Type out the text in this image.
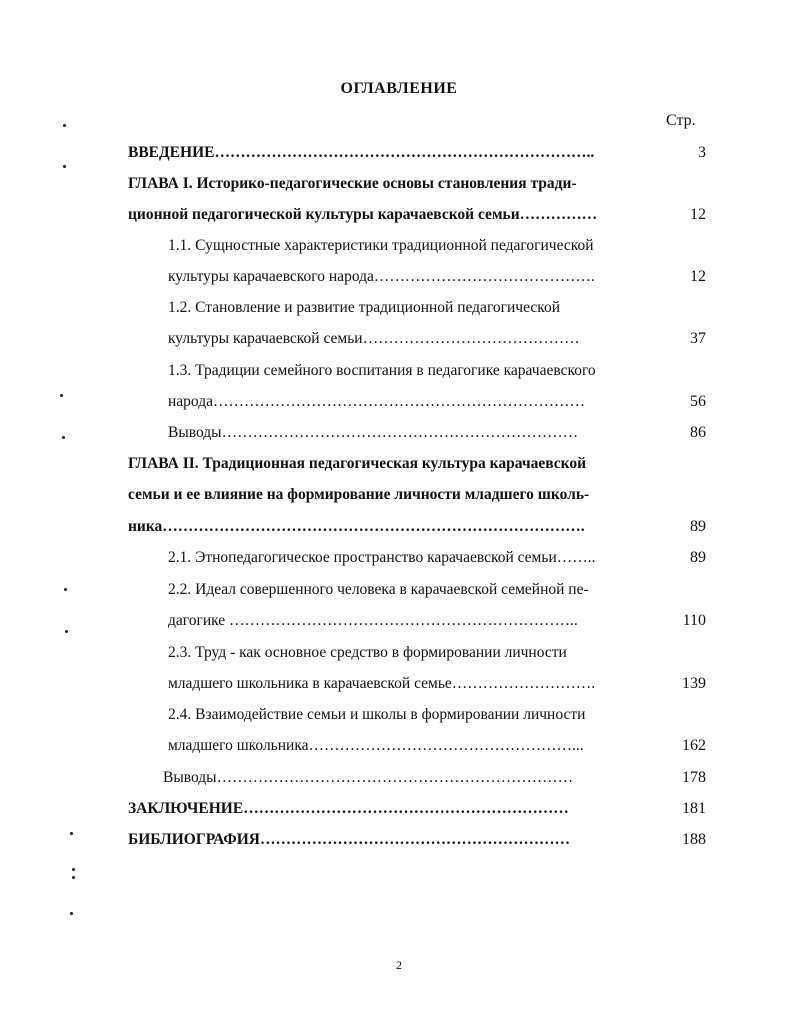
ОГЛАВЛЕНИЕ
Стр.
ВВЕДЕНИЕ………………………………………………………………..	3
ГЛАВА I. Историко-педагогические основы становления тради-
ционной педагогической культуры карачаевской семьи……………	12
1.1. Сущностные характеристики традиционной педагогической
культуры карачаевского народа…………………………………….	12
1.2. Становление и развитие традиционной педагогической
культуры карачаевской семьи……………………………………	37
1.3. Традиции семейного воспитания в педагогике карачаевского
народа………………………………………………………………	56
Выводы……………………………………………………………	86
ГЛАВА II. Традиционная педагогическая культура карачаевской
семьи и ее влияние на формирование личности младшего школь-
ника……………………………………………………………………….	89
2.1. Этнопедагогическое пространство карачаевской семьи……..	89
2.2. Идеал совершенного человека в карачаевской семейной пе-
дагогике …………………………………………………………..	110
2.3. Труд - как основное средство в формировании личности
младшего школьника в карачаевской семье……………………….	139
2.4. Взаимодействие семьи и школы в формировании личности
младшего школьника……………………………………………...	162
Выводы……………………………………………………………	178
ЗАКЛЮЧЕНИЕ………………………………………………………	181
БИБЛИОГРАФИЯ……………………………………………………	188
2
